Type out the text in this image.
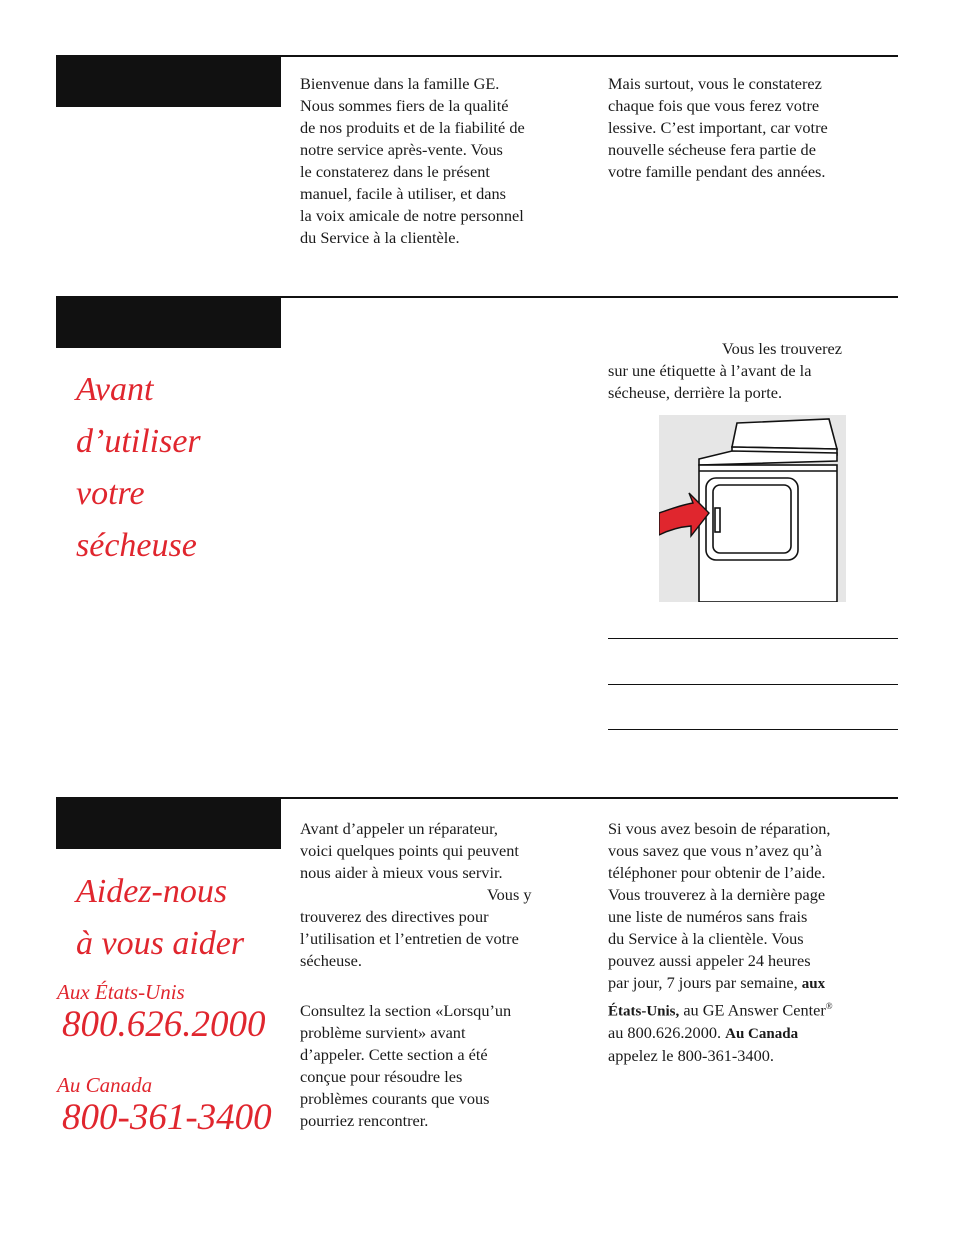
Bienvenue dans la famille GE.

Nous sommes fiers de la qualité

de nos produits et de la fiabilité de

notre service après-vente. Vous

le constaterez dans le présent

manuel, facile à utiliser, et dans

la voix amicale de notre personnel

du Service à la clientèle.

Mais surtout, vous le constaterez

chaque fois que vous ferez votre

lessive. C’est important, car votre

nouvelle sécheuse fera partie de

votre famille pendant des années.

Avant
d’utiliser
votre
sécheuse

Vous les trouverez

sur une étiquette à l’avant de la

sécheuse, derrière la porte.

Aidez-nous
à vous aider
Aux États-Unis
800.626.2000
Au Canada
800-361-3400

Avant d’appeler un réparateur,

voici quelques points qui peuvent

nous aider à mieux vous servir.

Vous y

trouverez des directives pour

l’utilisation et l’entretien de votre

sécheuse.

Consultez la section «Lorsqu’un

problème survient» avant

d’appeler. Cette section a été

conçue pour résoudre les

problèmes courants que vous

pourriez rencontrer.

Si vous avez besoin de réparation,

vous savez que vous n’avez qu’à

téléphoner pour obtenir de l’aide.

Vous trouverez à la dernière page

une liste de numéros sans frais

du Service à la clientèle. Vous

pouvez aussi appeler 24 heures

par jour, 7 jours par semaine, aux

États-Unis, au GE Answer Center®

au 800.626.2000. Au Canada

appelez le 800-361-3400.
